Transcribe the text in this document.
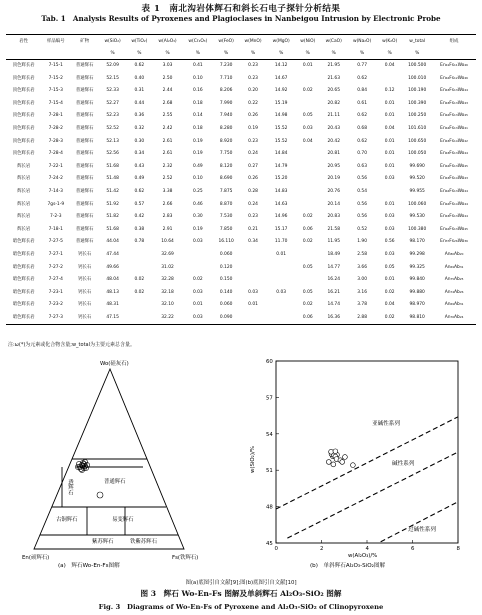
表 1　南北沟岩体辉石和斜长石电子探针分析结果
Tab. 1　Analysis Results of Pyroxenes and Plagioclases in Nanbeigou Intrusion by Electronic Probe
岩性	样品编号	矿物	w(SiO₂)	w(TiO₂)	w(Al₂O₃)	w(Cr₂O₃)	w(FeO)	w(MnO)	w(MgO)	w(NiO)	w(CaO)	w(Na₂O)	w(K₂O)	w_total	组成
			%	%	%	%	%	%	%	%	%	%	%	%	
顶色辉长岩	7-15-1	普通辉石	52.09	0.62	3.03	0.41	7.230	0.23	14.12	0.01	21.95	0.77	0.04	100.500	En₄₁Fs₁₁Wo₄₆
顶色辉长岩	7-15-2	普通辉石	52.15	0.40	2.50	0.10	7.710	0.23	14.67		21.63	0.62		100.010	En₄₂Fs₁₂Wo₄₆
顶色辉长岩	7-15-3	普通辉石	52.33	0.31	2.44	0.16	8.206	0.20	14.92	0.02	20.65	0.84	0.12	100.190	En₄₃Fs₁₃Wo₄₄
顶色辉长岩	7-15-4	普通辉石	52.27	0.44	2.68	0.18	7.990	0.22	15.19		20.82	0.61	0.01	100.390	En₄₃Fs₁₃Wo₄₃
顶色辉长岩	7-28-1	普通辉石	52.23	0.36	2.55	0.14	7.940	0.26	14.98	0.05	21.11	0.62	0.01	100.250	En₄₂Fs₁₃Wo₄₅
顶色辉长岩	7-28-2	普通辉石	52.52	0.32	2.42	0.18	8.280	0.19	15.52	0.03	20.43	0.68	0.04	101.610	En₄₄Fs₁₃Wo₄₁
顶色辉长岩	7-28-3	普通辉石	52.13	0.30	2.61	0.19	8.920	0.23	15.52	0.04	20.42	0.62	0.01	100.650	En₄₃Fs₁₄Wo₄₂
顶色辉长岩	7-28-4	普通辉石	52.56	0.34	2.61	0.19	7.750	0.24	14.84		20.81	0.70	0.01	100.050	En₄₃Fs₁₃Wo₄₄
辉长岩	7-22-1	普通辉石	51.68	0.43	2.32	0.49	8.120	0.27	14.79		20.95	0.63	0.01	99.690	En₄₂Fs₁₃Wo₄₅
辉长岩	7-24-2	普通辉石	51.48	0.49	2.52	0.10	8.690	0.26	15.20		20.19	0.56	0.03	99.520	En₄₃Fs₁₄Wo₄₃
辉长岩	7-14-3	普通辉石	51.42	0.62	3.38	0.25	7.875	0.28	14.83		20.76	0.54		99.955	En₄₂Fs₁₃Wo₄₄
辉长岩	7gs-1-9	普通辉石	51.92	0.57	2.66	0.46	8.870	0.24	14.63		20.14	0.56	0.01	100.060	En₄₂Fs₁₄Wo₄₄
辉长岩	7-2-3	普通辉石	51.82	0.42	2.83	0.30	7.530	0.23	14.96	0.02	20.83	0.56	0.03	99.530	En₄₃Fs₁₃Wo₄₄
辉长岩	7-18-1	普通辉石	51.68	0.38	2.91	0.19	7.850	0.21	15.17	0.06	21.58	0.52	0.03	100.380	En₄₂Fs₁₃Wo₄₅
暗色辉长岩	7-27-5	普通辉石	44.04	0.78	10.64	0.03	16.110	0.34	11.70	0.02	11.95	1.90	0.56	98.170	En₃₇Fs₂₆Wo₃₆
暗色辉长岩	7-27-1	钙长石	47.44		32.69		0.060		0.01		18.49	2.58	0.03	99.298	An₈₀Ab₂₀
暗色辉长岩	7-27-2	钙长石	49.66		31.02		0.120			0.05	14.77	3.66	0.05	99.325	An₆₉Ab₃₁
暗色辉长岩	7-27-4	钙长石	48.04	0.02	32.28	0.02	0.150				16.24	3.00	0.01	99.840	An₇₅Ab₂₅
暗色辉长岩	7-23-1	钙长石	48.13	0.02	32.18	0.03	0.140	0.03	0.03	0.05	16.21	3.16	0.02	99.880	An₇₄Ab₂₆
暗色辉长岩	7-23-2	钙长石	48.31		32.10	0.01	0.060	0.01		0.02	14.74	3.78	0.04	98.970	An₆₉Ab₃₁
暗色辉长岩	7-27-3	钙长石	47.15		32.22	0.03	0.090			0.06	16.36	2.88	0.02	98.810	An₇₆Ab₂₄
注:ω(*)为元素或化合物含量;w_total为主要元素总含量。
Wo(硅灰石)
En(顽辉石)	Fs(铁辉石)
透辉石	普通辉石
易变辉石
古铜辉石
紫苏辉石	铁紫苏辉石
(a)　辉石Wo-En-Fs图解
45
48
51
54
57
60
0	2	4	6	8
w(SiO₂)/%
w(Al₂O₃)/%
亚碱性系列
碱性系列
过碱性系列
(b)　单斜辉石Al₂O₃-SiO₂图解
图(a)底图引自文献[9];图(b)底图引自文献[10]
图 3　辉石 Wo-En-Fs 图解及单斜辉石 Al₂O₃-SiO₂ 图解
Fig. 3　Diagrams of Wo-En-Fs of Pyroxene and Al₂O₃-SiO₂ of Clinopyroxene
